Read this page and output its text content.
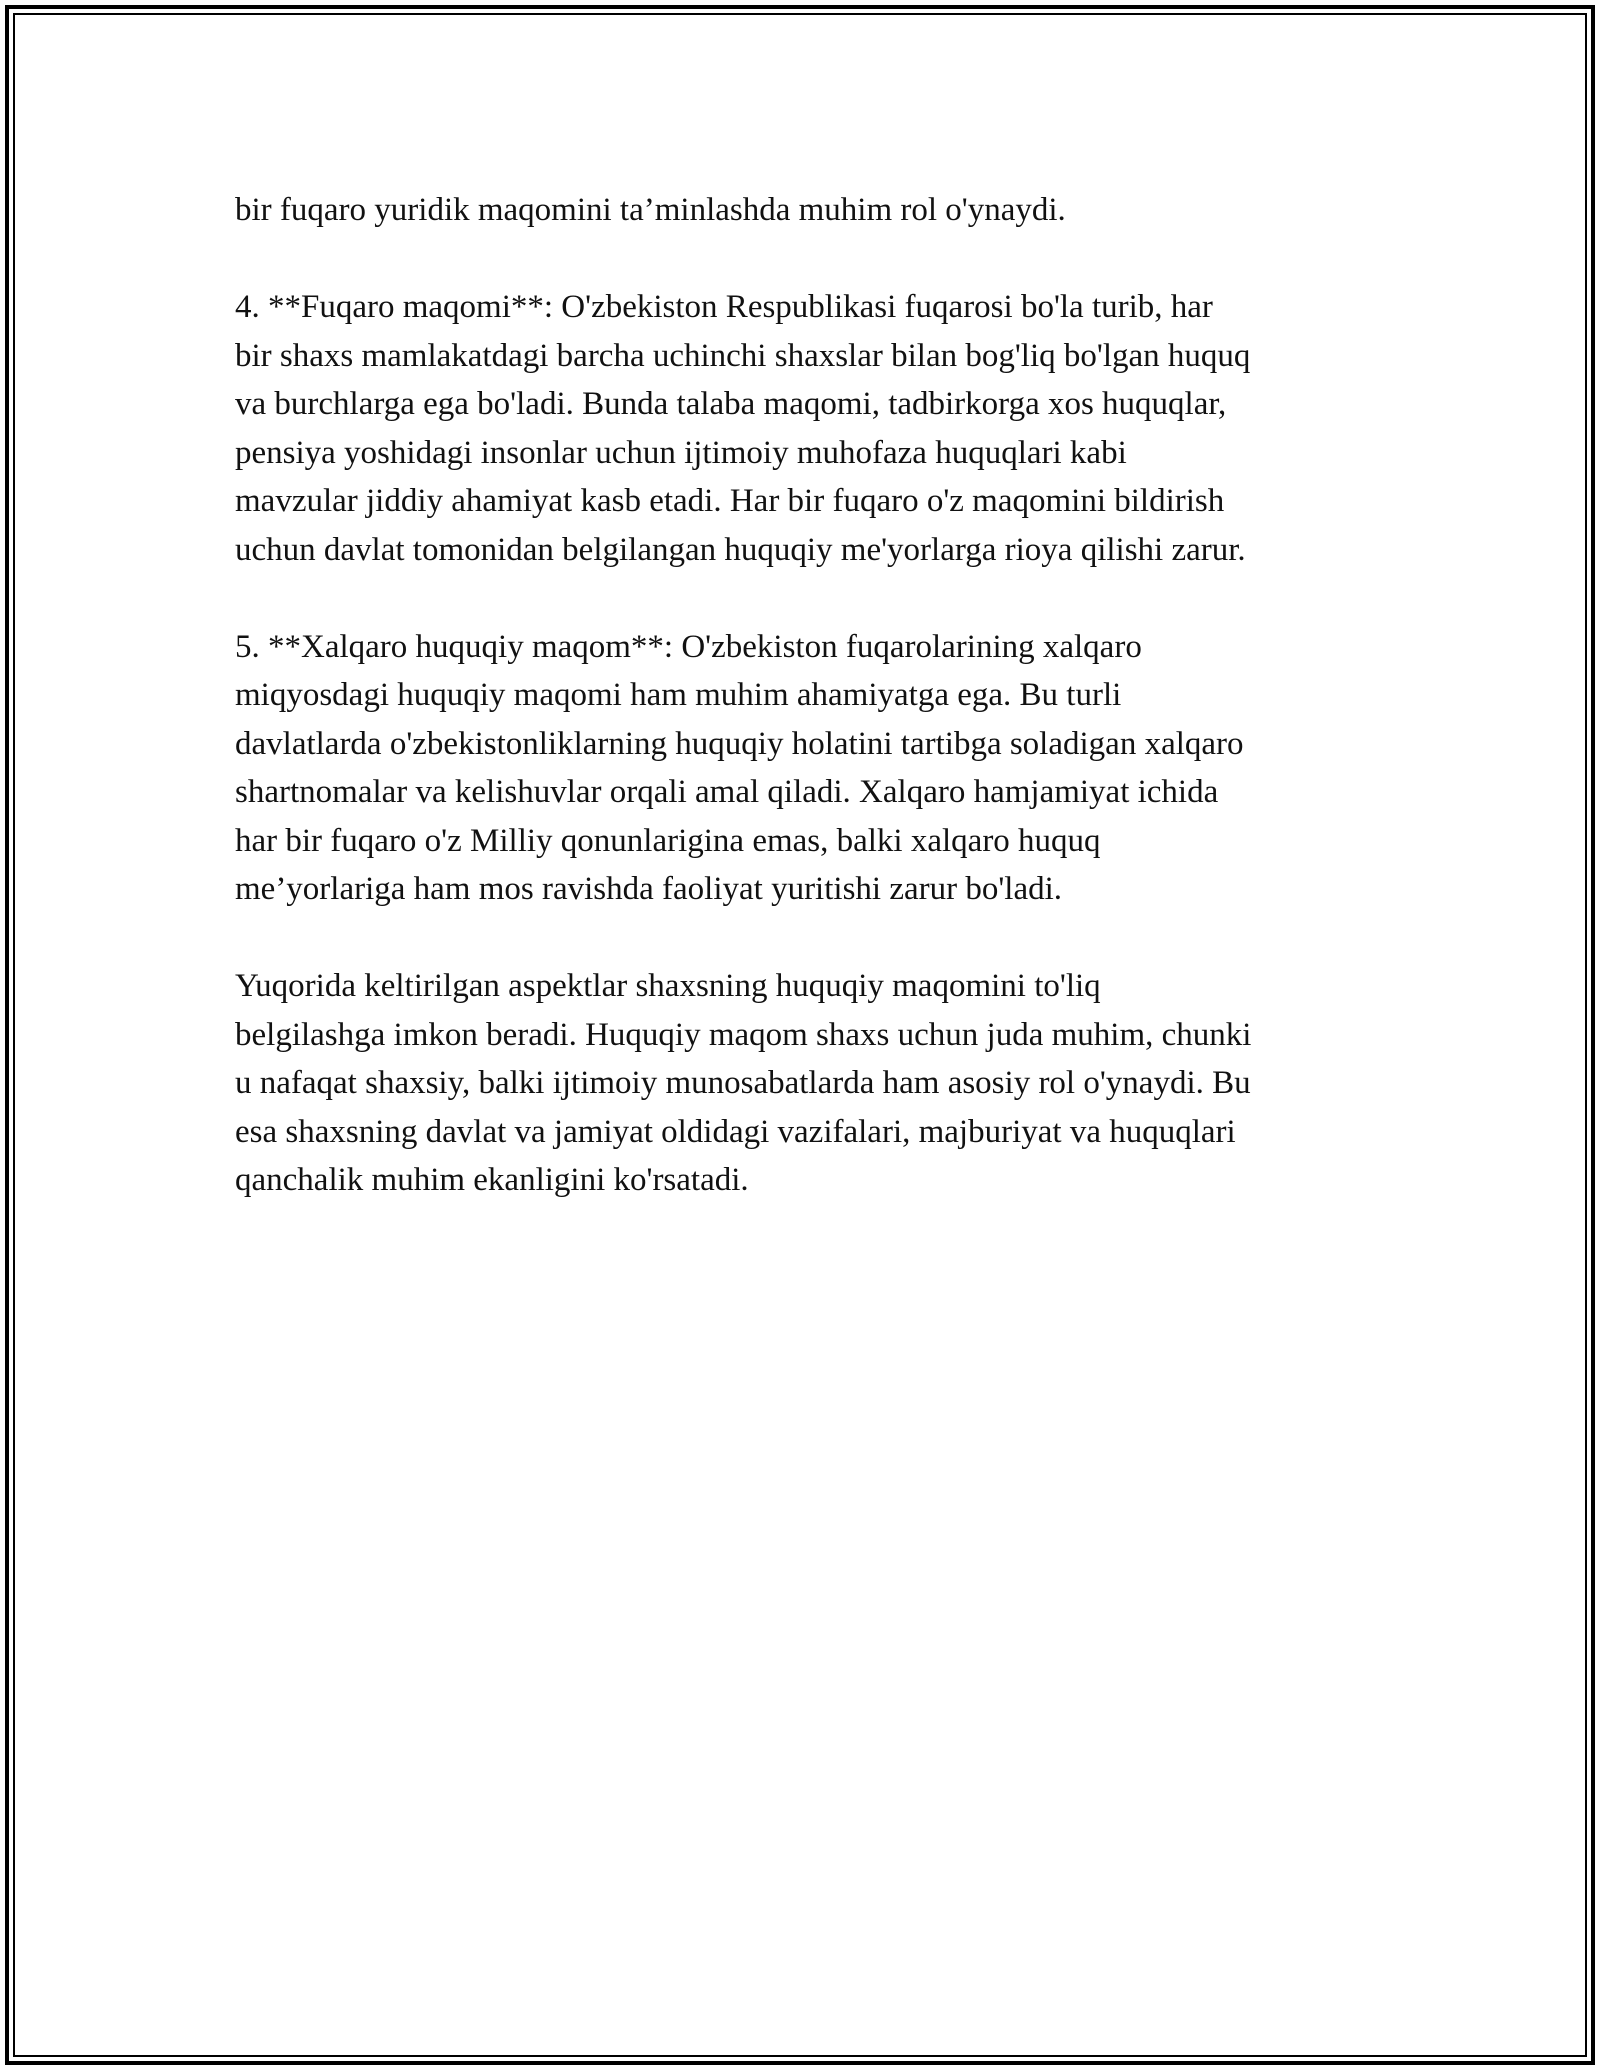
bir fuqaro yuridik maqomini ta’minlashda muhim rol o'ynaydi.

4. **Fuqaro maqomi**: O'zbekiston Respublikasi fuqarosi bo'la turib, har
bir shaxs mamlakatdagi barcha uchinchi shaxslar bilan bog'liq bo'lgan huquq
va burchlarga ega bo'ladi. Bunda talaba maqomi, tadbirkorga xos huquqlar,
pensiya yoshidagi insonlar uchun ijtimoiy muhofaza huquqlari kabi
mavzular jiddiy ahamiyat kasb etadi. Har bir fuqaro o'z maqomini bildirish
uchun davlat tomonidan belgilangan huquqiy me'yorlarga rioya qilishi zarur.

5. **Xalqaro huquqiy maqom**: O'zbekiston fuqarolarining xalqaro
miqyosdagi huquqiy maqomi ham muhim ahamiyatga ega. Bu turli
davlatlarda o'zbekistonliklarning huquqiy holatini tartibga soladigan xalqaro
shartnomalar va kelishuvlar orqali amal qiladi. Xalqaro hamjamiyat ichida
har bir fuqaro o'z Milliy qonunlarigina emas, balki xalqaro huquq
me’yorlariga ham mos ravishda faoliyat yuritishi zarur bo'ladi.

Yuqorida keltirilgan aspektlar shaxsning huquqiy maqomini to'liq
belgilashga imkon beradi. Huquqiy maqom shaxs uchun juda muhim, chunki
u nafaqat shaxsiy, balki ijtimoiy munosabatlarda ham asosiy rol o'ynaydi. Bu
esa shaxsning davlat va jamiyat oldidagi vazifalari, majburiyat va huquqlari
qanchalik muhim ekanligini ko'rsatadi.
